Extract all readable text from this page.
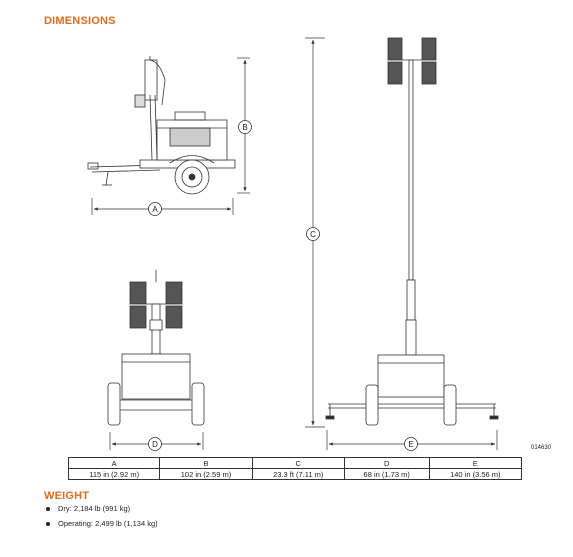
DIMENSIONS
A
B
C
D	E	014630
A	B	C	D	E
115 in (2.92 m)	102 in (2.59 m)	23.3 ft (7.11 m)	68 in (1.73 m)	140 in (3.56 m)
WEIGHT
Dry: 2,184 lb (991 kg)
Operating: 2,499 lb (1,134 kg)
